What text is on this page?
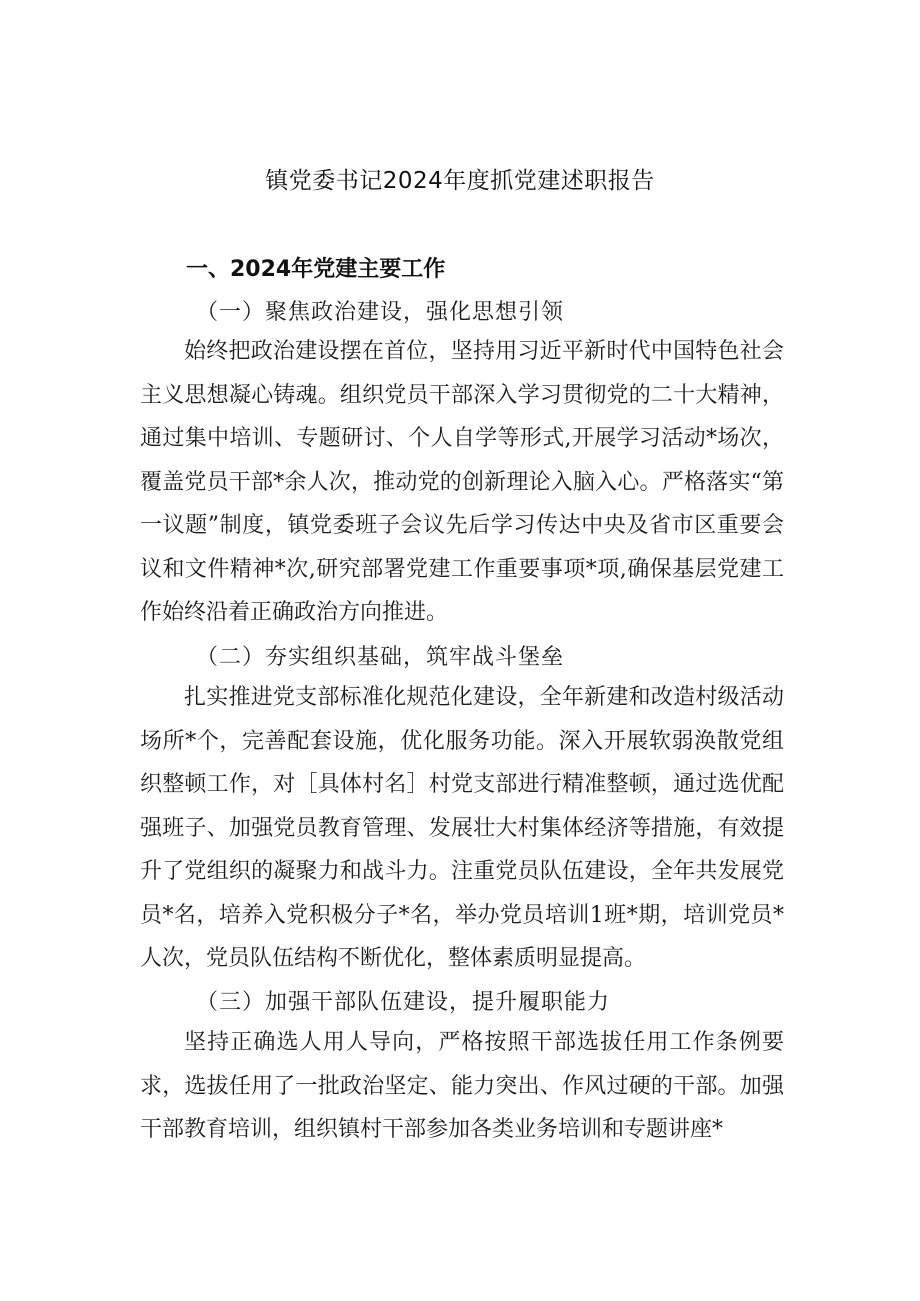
镇党委书记2024年度抓党建述职报告
一、2024年党建主要工作
（一）聚焦政治建设，强化思想引领
始终把政治建设摆在首位，坚持用习近平新时代中国特色社会主义思想凝心铸魂。组织党员干部深入学习贯彻党的二十大精神，通过集中培训、专题研讨、个人自学等形式,开展学习活动*场次，覆盖党员干部*余人次，推动党的创新理论入脑入心。严格落实“第一议题”制度，镇党委班子会议先后学习传达中央及省市区重要会议和文件精神*次,研究部署党建工作重要事项*项,确保基层党建工作始终沿着正确政治方向推进。
（二）夯实组织基础，筑牢战斗堡垒
扎实推进党支部标准化规范化建设，全年新建和改造村级活动场所*个，完善配套设施，优化服务功能。深入开展软弱涣散党组织整顿工作，对［具体村名］村党支部进行精准整顿，通过选优配强班子、加强党员教育管理、发展壮大村集体经济等措施，有效提升了党组织的凝聚力和战斗力。注重党员队伍建设，全年共发展党员*名，培养入党积极分子*名，举办党员培训1班*期，培训党员*人次，党员队伍结构不断优化，整体素质明显提高。
（三）加强干部队伍建设，提升履职能力
坚持正确选人用人导向，严格按照干部选拔任用工作条例要求，选拔任用了一批政治坚定、能力突出、作风过硬的干部。加强干部教育培训，组织镇村干部参加各类业务培训和专题讲座*
